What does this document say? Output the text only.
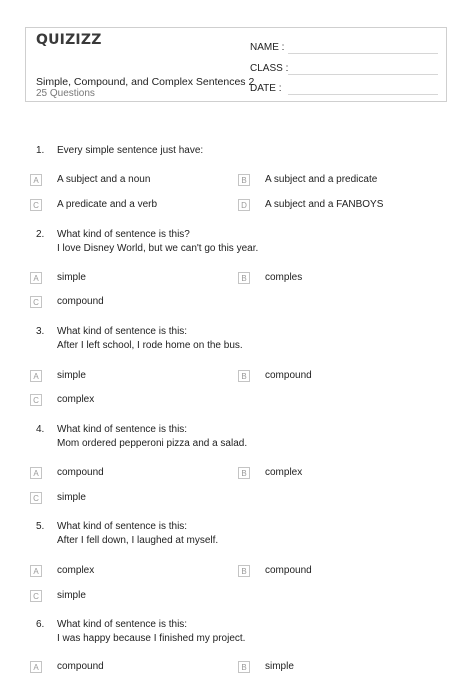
QUIZIZZ
Simple, Compound, and Complex Sentences 2
25 Questions
NAME :
CLASS :
DATE :
1. Every simple sentence just have:
A	A subject and a noun	B	A subject and a predicate
C	A predicate and a verb	D	A subject and a FANBOYS
2. What kind of sentence is this?
I love Disney World, but we can't go this year.
A	simple	B	comples
C	compound
3. What kind of sentence is this:
After I left school, I rode home on the bus.
A	simple	B	compound
C	complex
4. What kind of sentence is this:
Mom ordered pepperoni pizza and a salad.
A	compound	B	complex
C	simple
5. What kind of sentence is this:
After I fell down, I laughed at myself.
A	complex	B	compound
C	simple
6. What kind of sentence is this:
I was happy because I finished my project.
A	compound	B	simple
